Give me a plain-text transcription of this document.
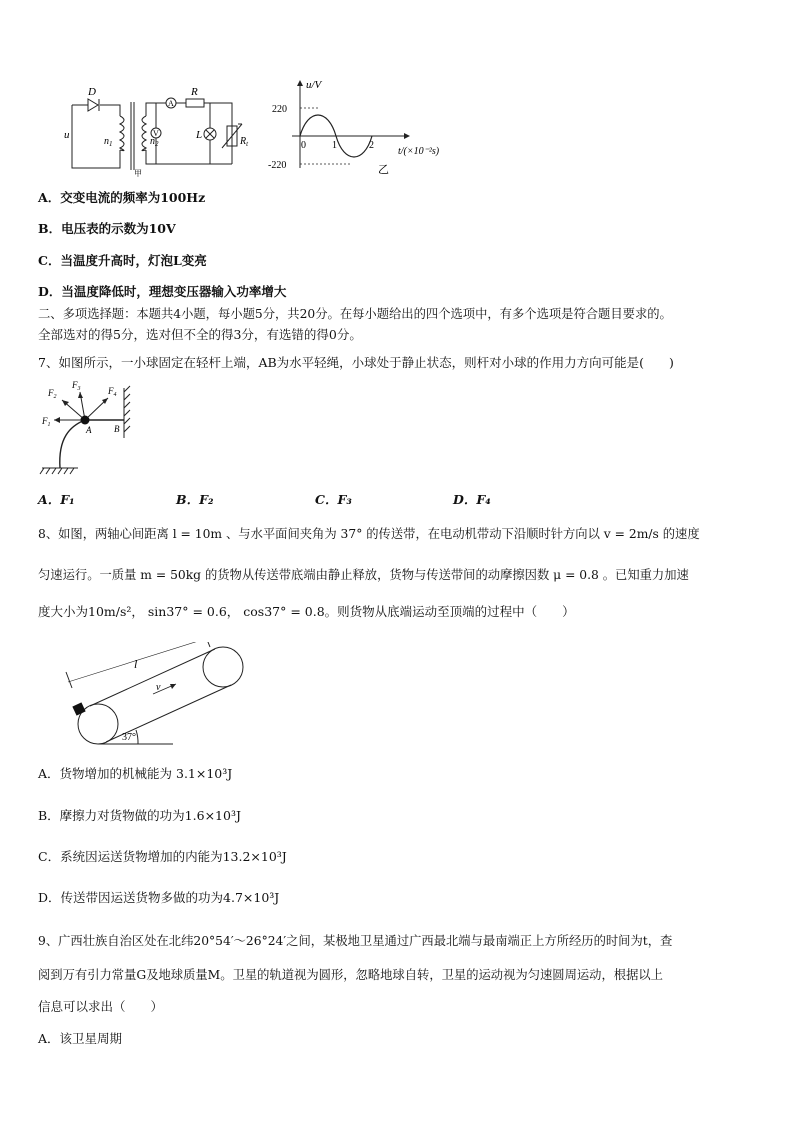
D
u
$n_1$	$n_2$
A
V
R
L
$R_t$
甲
u/V
220
-220
0	1	2
t/(×10⁻²s)
乙
A．交变电流的频率为100Hz
B．电压表的示数为10V
C．当温度升高时，灯泡L变亮
D．当温度降低时，理想变压器输入功率增大
二、多项选择题：本题共4小题，每小题5分，共20分。在每小题给出的四个选项中，有多个选项是符合题目要求的。
全部选对的得5分，选对但不全的得3分，有选错的得0分。
7、如图所示，一小球固定在轻杆上端，AB为水平轻绳，小球处于静止状态，则杆对小球的作用力方向可能是(　　)
$F_1$
$F_2$
$F_3$	$F_4$
A	B
A．F₁	B．F₂	C．F₃	D．F₄
8、如图，两轴心间距离 l = 10m 、与水平面间夹角为 37° 的传送带，在电动机带动下沿顺时针方向以 v = 2m/s 的速度
匀速运行。一质量 m = 50kg 的货物从传送带底端由静止释放，货物与传送带间的动摩擦因数 μ = 0.8 。已知重力加速
度大小为10m/s²， sin37° = 0.6， cos37° = 0.8。则货物从底端运动至顶端的过程中（　　）
l
v
37°
A．货物增加的机械能为 3.1×10³J
B．摩擦力对货物做的功为1.6×10³J
C．系统因运送货物增加的内能为13.2×10³J
D．传送带因运送货物多做的功为4.7×10³J
9、广西壮族自治区处在北纬20°54′～26°24′之间，某极地卫星通过广西最北端与最南端正上方所经历的时间为t，查
阅到万有引力常量G及地球质量M。卫星的轨道视为圆形，忽略地球自转，卫星的运动视为匀速圆周运动，根据以上
信息可以求出（　　）
A．该卫星周期
